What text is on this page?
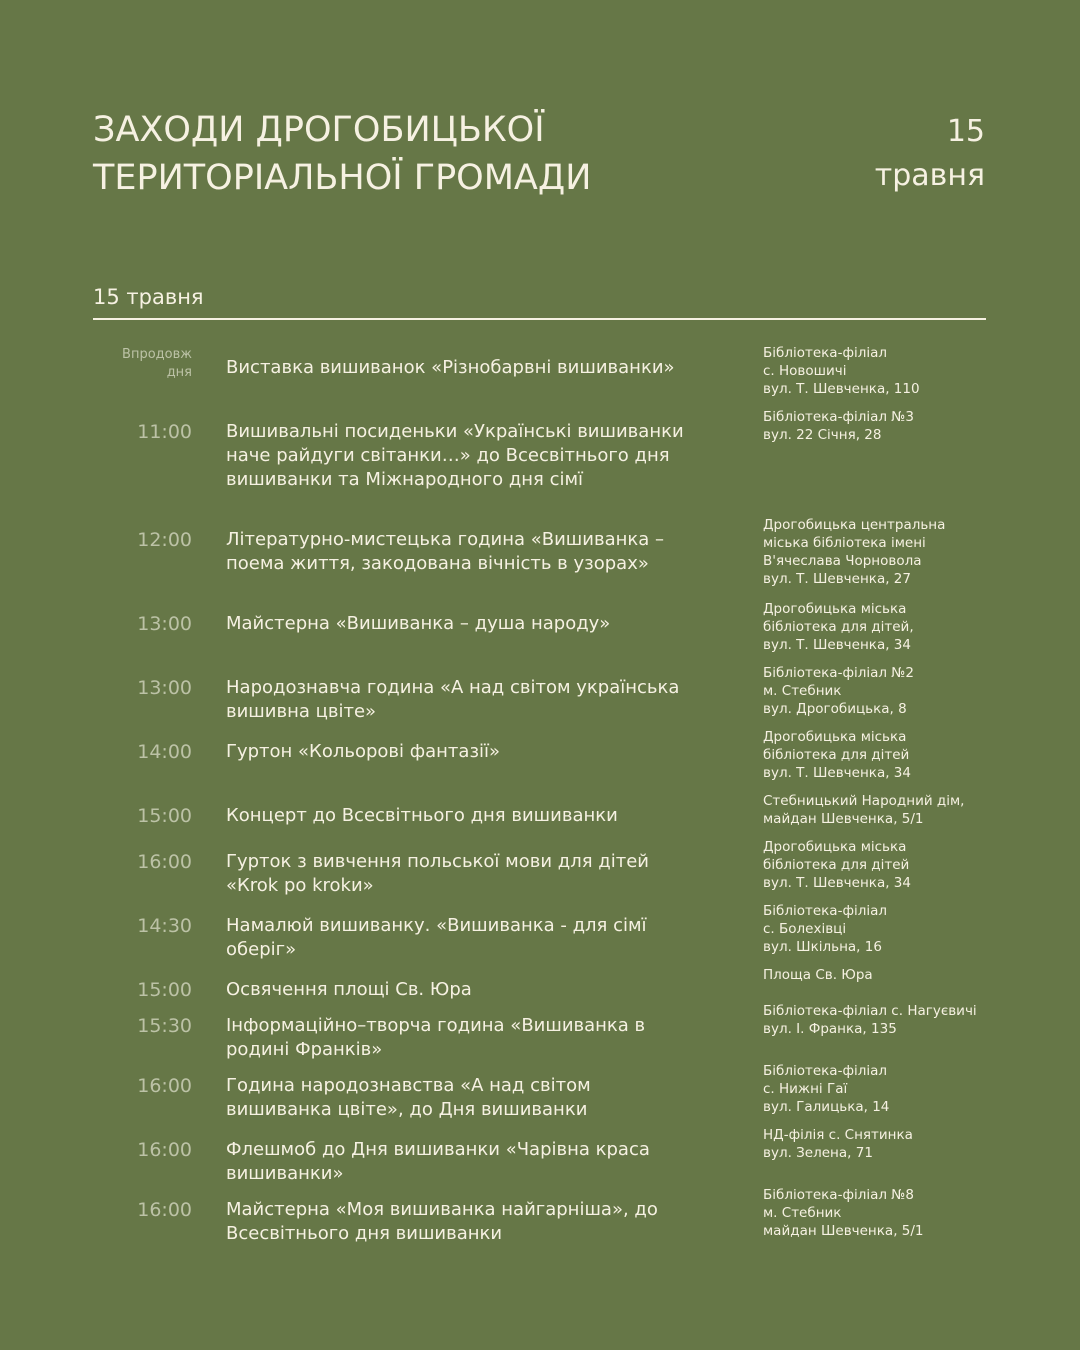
ЗАХОДИ ДРОГОБИЦЬКОЇ
ТЕРИТОРІАЛЬНОЇ ГРОМАДИ
15
травня
15 травня
Впродовж дня Виставка вишиванок «Різнобарвні вишиванки»
Бібліотека-філіал
с. Новошичі
вул. Т. Шевченка, 110
11:00 Вишивальні посиденьки «Українські вишиванки наче райдуги світанки…» до Всесвітнього дня вишиванки та Міжнародного дня сімї
Бібліотека-філіал №3
вул. 22 Січня, 28
12:00 Літературно-мистецька година «Вишиванка – поема життя, закодована вічність в узорах»
Дрогобицька центральна
міська бібліотека імені
В'ячеслава Чорновола
вул. Т. Шевченка, 27
13:00 Майстерна «Вишиванка – душа народу»
Дрогобицька міська
бібліотека для дітей,
вул. Т. Шевченка, 34
13:00 Народознавча година «А над світом українська вишивна цвіте»
Бібліотека-філіал №2
м. Стебник
вул. Дрогобицька, 8
14:00 Гуртон «Кольорові фантазії»
Дрогобицька міська
бібліотека для дітей
вул. Т. Шевченка, 34
15:00 Концерт до Всесвітнього дня вишиванки
Стебницький Народний дім,
майдан Шевченка, 5/1
16:00 Гурток з вивчення польської мови для дітей «Кrok po krokи»
Дрогобицька міська
бібліотека для дітей
вул. Т. Шевченка, 34
14:30 Намалюй вишиванку. «Вишиванка - для сімї оберіг»
Бібліотека-філіал
с. Болехівці
вул. Шкільна, 16
15:00 Освячення площі Св. Юра
Площа Св. Юра
15:30 Інформаційно–творча година «Вишиванка в родині Франків»
Бібліотека-філіал с. Нагуєвичі
вул. І. Франка, 135
16:00 Година народознавства «А над світом вишиванка цвіте», до Дня вишиванки
Бібліотека-філіал
с. Нижні Гаї
вул. Галицька, 14
16:00 Флешмоб до Дня вишиванки «Чарівна краса вишиванки»
НД-філія с. Снятинка
вул. Зелена, 71
16:00 Майстерна «Моя вишиванка найгарніша», до Всесвітнього дня вишиванки
Бібліотека-філіал №8
м. Стебник
майдан Шевченка, 5/1
